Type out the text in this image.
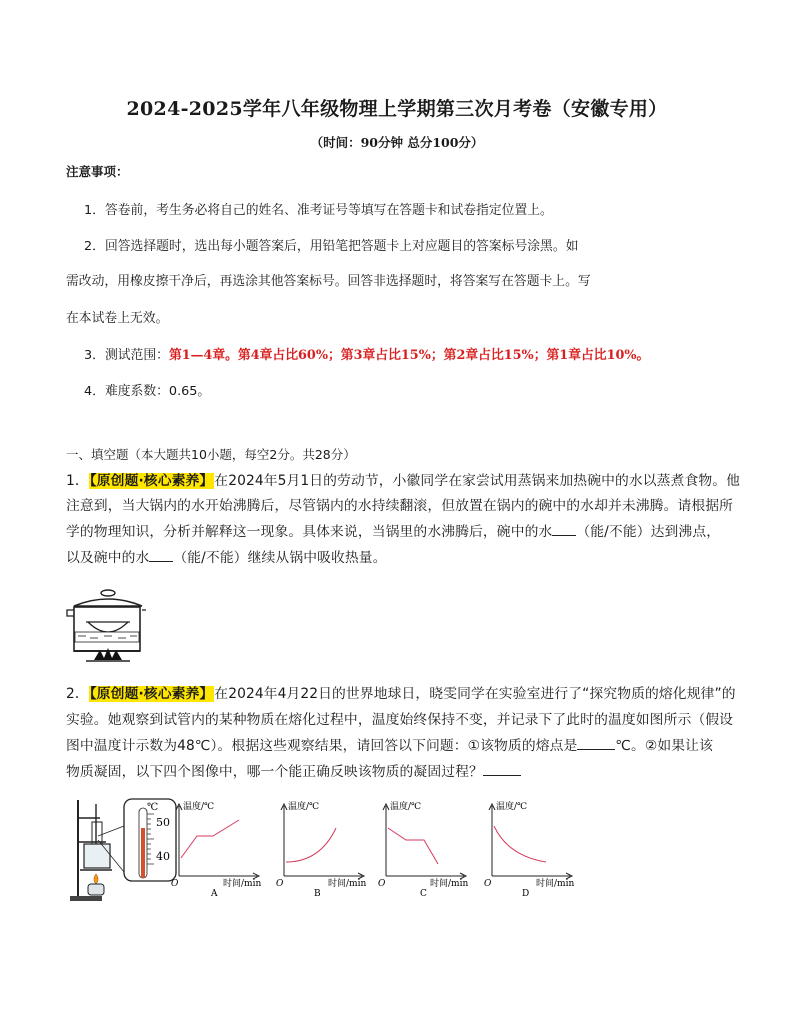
2024-2025学年八年级物理上学期第三次月考卷（安徽专用）
（时间：90分钟 总分100分）
注意事项：
1．答卷前，考生务必将自己的姓名、准考证号等填写在答题卡和试卷指定位置上。
2．回答选择题时，选出每小题答案后，用铅笔把答题卡上对应题目的答案标号涂黑。如
需改动，用橡皮擦干净后，再选涂其他答案标号。回答非选择题时，将答案写在答题卡上。写
在本试卷上无效。
3．测试范围：第1—4章。第4章占比60%；第3章占比15%；第2章占比15%；第1章占比10%。
4．难度系数：0.65。
一、填空题（本大题共10小题，每空2分。共28分）
1．【原创题·核心素养】在2024年5月1日的劳动节，小徽同学在家尝试用蒸锅来加热碗中的水以蒸煮食物。他
注意到，当大锅内的水开始沸腾后，尽管锅内的水持续翻滚，但放置在锅内的碗中的水却并未沸腾。请根据所
学的物理知识，分析并解释这一现象。具体来说，当锅里的水沸腾后，碗中的水 （能/不能）达到沸点，
以及碗中的水 （能/不能）继续从锅中吸收热量。
2．【原创题·核心素养】在2024年4月22日的世界地球日，晓雯同学在实验室进行了“探究物质的熔化规律”的
实验。她观察到试管内的某种物质在熔化过程中，温度始终保持不变，并记录下了此时的温度如图所示（假设
图中温度计示数为48℃）。根据这些观察结果，请回答以下问题：①该物质的熔点是	℃。②如果让该
物质凝固，以下四个图像中，哪一个能正确反映该物质的凝固过程？
℃
50
40
温度/℃
O	时间/min
A
温度/℃
O	时间/min
B
温度/℃
O	时间/min
C
温度/℃
O	时间/min
D
